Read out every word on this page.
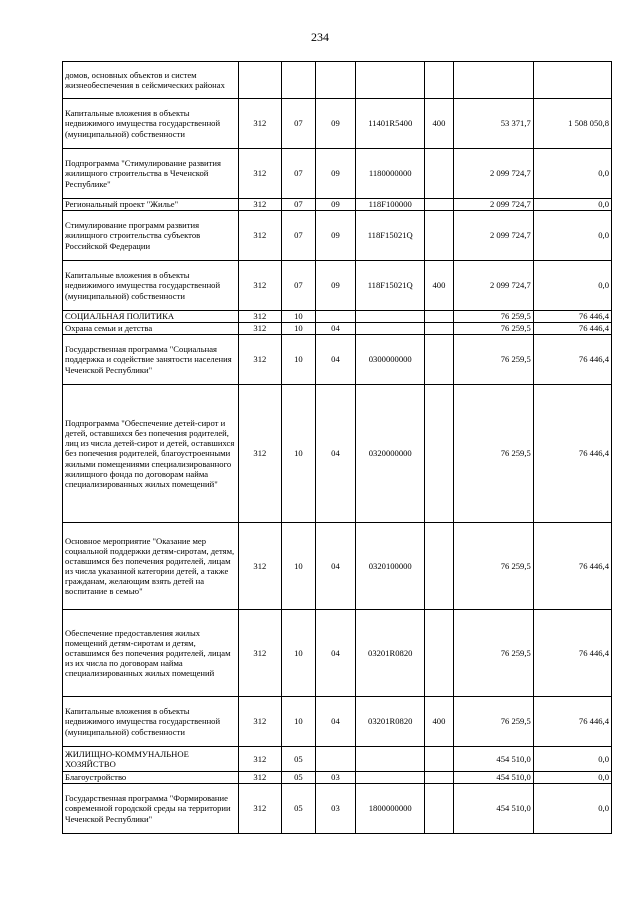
234
домов, основных объектов и систем жизнеобеспечения в сейсмических районах							
Капитальные вложения в объекты недвижимого имущества государственной (муниципальной) собственности	312	07	09	11401R5400	400	53 371,7	1 508 050,8
Подпрограмма "Стимулирование развития жилищного строительства в Чеченской Республике"	312	07	09	1180000000		2 099 724,7	0,0
Региональный проект "Жилье"	312	07	09	118F100000		2 099 724,7	0,0
Стимулирование программ развития жилищного строительства субъектов Российской Федерации	312	07	09	118F15021Q		2 099 724,7	0,0
Капитальные вложения в объекты недвижимого имущества государственной (муниципальной) собственности	312	07	09	118F15021Q	400	2 099 724,7	0,0
СОЦИАЛЬНАЯ ПОЛИТИКА	312	10				76 259,5	76 446,4
Охрана семьи и детства	312	10	04			76 259,5	76 446,4
Государственная программа "Социальная поддержка и содействие занятости населения Чеченской Республики"	312	10	04	0300000000		76 259,5	76 446,4
Подпрограмма "Обеспечение детей-сирот и детей, оставшихся без попечения родителей, лиц из числа детей-сирот и детей, оставшихся без попечения родителей, благоустроенными жилыми помещениями специализированного жилищного фонда по договорам найма специализированных жилых помещений"	312	10	04	0320000000		76 259,5	76 446,4
Основное мероприятие "Оказание мер социальной поддержки детям-сиротам, детям, оставшимся без попечения родителей, лицам из числа указанной категории детей, а также гражданам, желающим взять детей на воспитание в семью"	312	10	04	0320100000		76 259,5	76 446,4
Обеспечение предоставления жилых помещений детям-сиротам и детям, оставшимся без попечения родителей, лицам из их числа по договорам найма специализированных жилых помещений	312	10	04	03201R0820		76 259,5	76 446,4
Капитальные вложения в объекты недвижимого имущества государственной (муниципальной) собственности	312	10	04	03201R0820	400	76 259,5	76 446,4
ЖИЛИЩНО-КОММУНАЛЬНОЕ ХОЗЯЙСТВО	312	05				454 510,0	0,0
Благоустройство	312	05	03			454 510,0	0,0
Государственная программа "Формирование современной городской среды на территории Чеченской Республики"	312	05	03	1800000000		454 510,0	0,0
